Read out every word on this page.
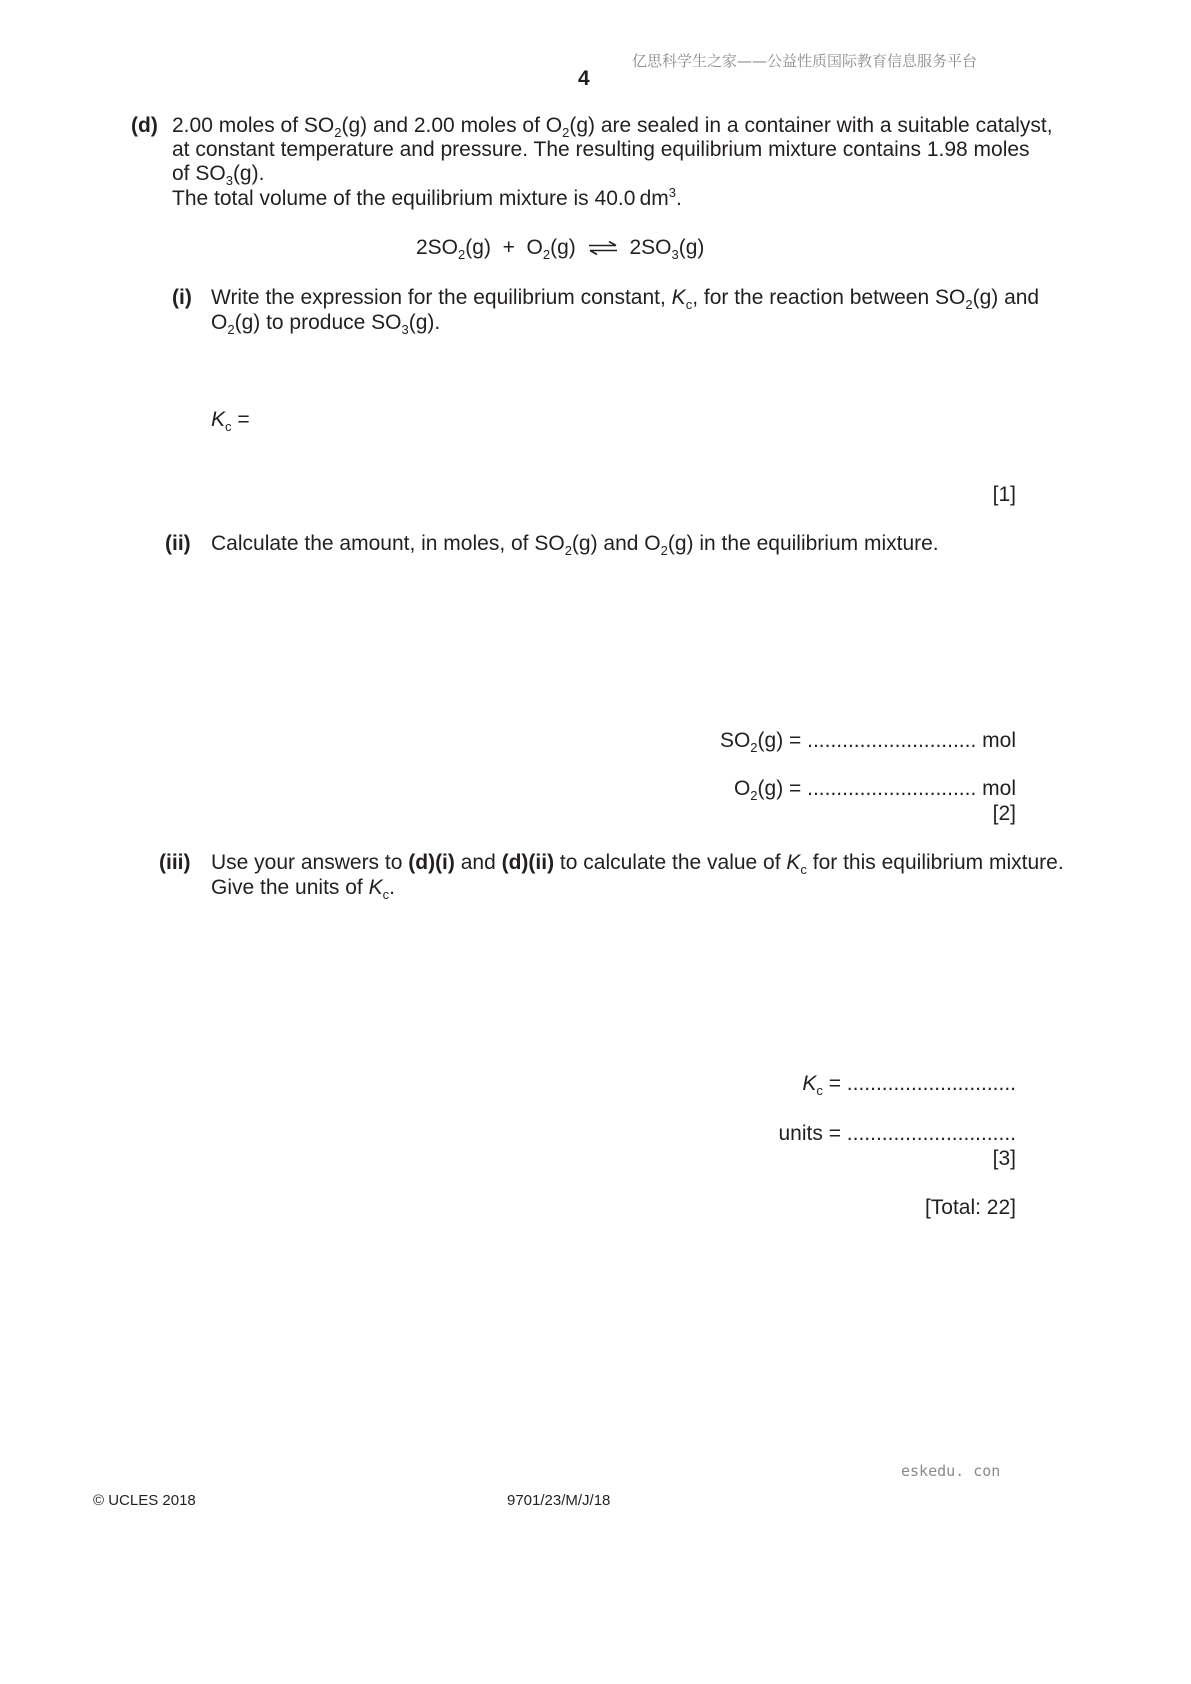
亿思科学生之家——公益性质国际教育信息服务平台
4
(d) 2.00 moles of $SO_2(g)$ and 2.00 moles of $O_2(g)$ are sealed in a container with a suitable catalyst,
at constant temperature and pressure. The resulting equilibrium mixture contains 1.98 moles
of $SO_3(g)$.
The total volume of the equilibrium mixture is 40.0 $dm^3$.
$2SO_2(g) + O_2(g)$ ⇌ $2SO_3(g)$
(i) Write the expression for the equilibrium constant, $K_c$, for the reaction between $SO_2(g)$ and
$O_2(g)$ to produce $SO_3(g)$.
$K_c$ =
[1]
(ii) Calculate the amount, in moles, of $SO_2(g)$ and $O_2(g)$ in the equilibrium mixture.
$SO_2(g)$ = ............................. mol
$O_2(g)$ = ............................. mol
[2]
(iii) Use your answers to (d)(i) and (d)(ii) to calculate the value of $K_c$ for this equilibrium mixture.
Give the units of $K_c$.
$K_c$ = .............................
units = .............................
[3]
[Total: 22]
eskedu. con
© UCLES 2018	9701/23/M/J/18
